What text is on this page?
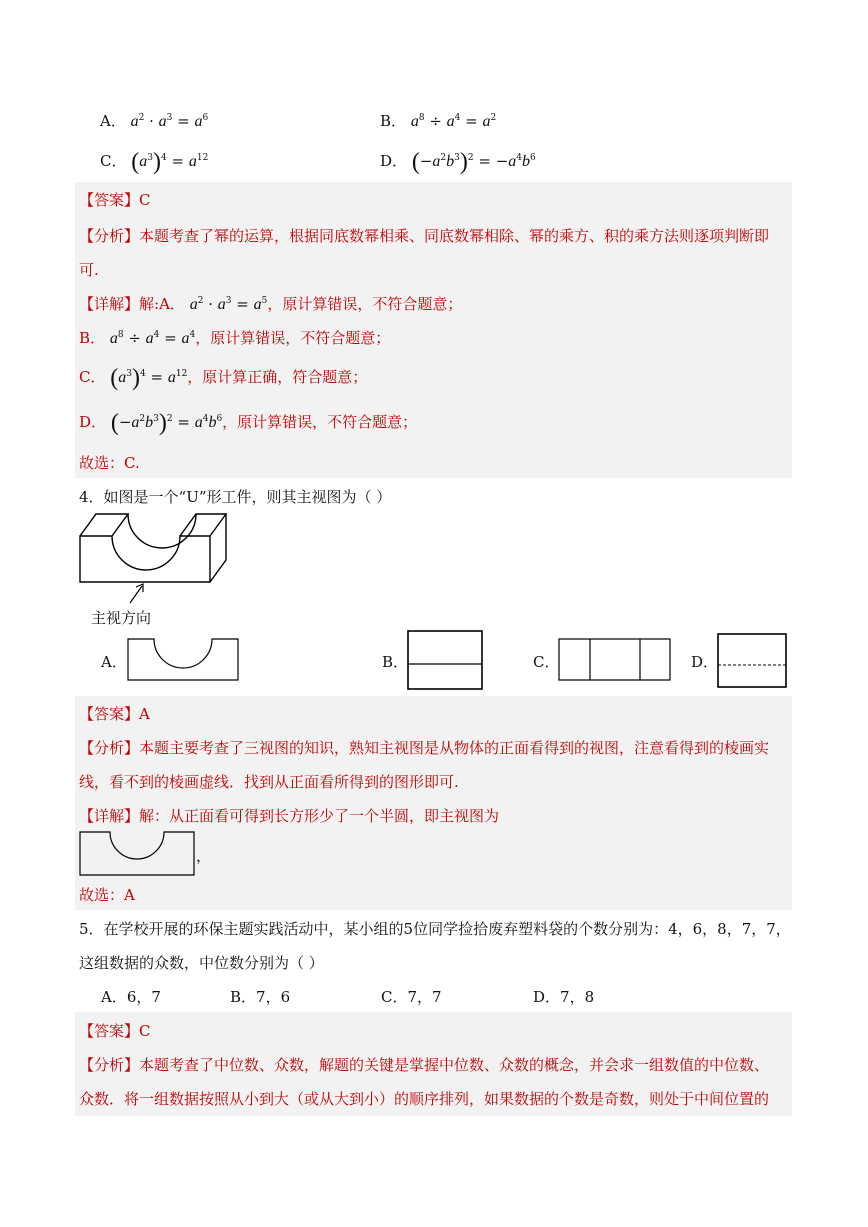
A． $a^2 \cdot a^3 = a^6$	B． $a^8 \div a^4 = a^2$
C． $(a^3)^4 = a^{12}$	D． $(-a^2b^3)^2 = -a^4b^6$
【答案】C
【分析】本题考查了幂的运算，根据同底数幂相乘、同底数幂相除、幂的乘方、积的乘方法则逐项判断即
可.
【详解】解:A． $a^2 \cdot a^3 = a^5$，原计算错误，不符合题意；
B． $a^8 \div a^4 = a^4$，原计算错误，不符合题意；
C． $(a^3)^4 = a^{12}$，原计算正确，符合题意；
D． $(-a^2b^3)^2 = a^4b^6$，原计算错误，不符合题意；
故选：C.
4．如图是一个“U”形工件，则其主视图为（ ）
主视方向
A．	B．	C．	D．
【答案】A
【分析】本题主要考查了三视图的知识，熟知主视图是从物体的正面看得到的视图，注意看得到的棱画实
线，看不到的棱画虚线．找到从正面看所得到的图形即可.
【详解】解：从正面看可得到长方形少了一个半圆，即主视图为
，
故选：A
5．在学校开展的环保主题实践活动中，某小组的5位同学捡拾废弃塑料袋的个数分别为：4，6，8，7，7，
这组数据的众数，中位数分别为（ ）
A．6，7	B．7，6	C．7，7	D．7，8
【答案】C
【分析】本题考查了中位数、众数，解题的关键是掌握中位数、众数的概念，并会求一组数值的中位数、
众数．将一组数据按照从小到大（或从大到小）的顺序排列，如果数据的个数是奇数，则处于中间位置的
